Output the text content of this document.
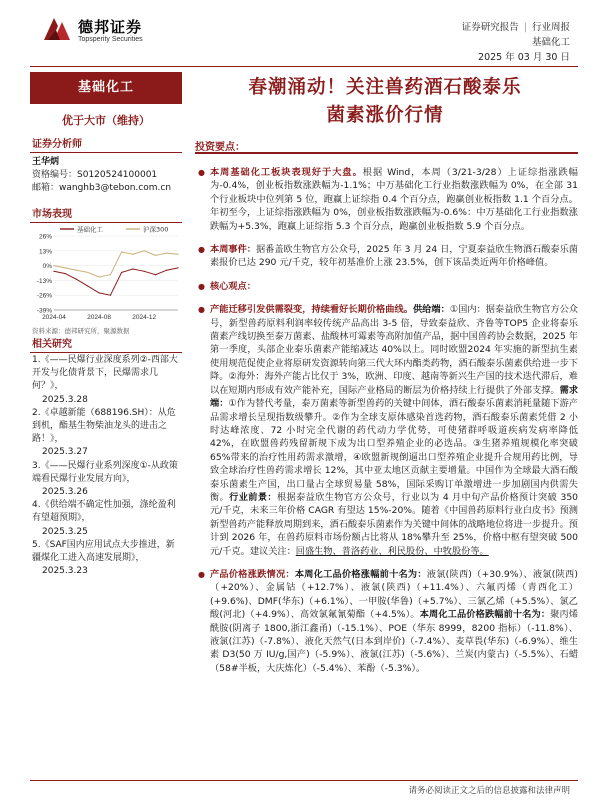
德邦证券
Topsperity Securities
证券研究报告 | 行业周报
基础化工
2025 年 03 月 30 日
基础化工
优于大市（维持）
证券分析师
王华炳
资格编号：S0120524100001
邮箱：wanghb3@tebon.com.cn
市场表现
26%
13%
0%
-13%
-26%
-39%
2024-04	2024-08	2024-12
基础化工	沪深300
资料来源：德邦研究所，聚源数据
相关研究
1.《——民爆行业深度系列②-西部大开发与化债背景下，民爆需求几何？》，
2025.3.28
2.《卓越新能（688196.SH）：从危到机，酯基生物柴油龙头的进击之路！》，
2025.3.27
3.《——民爆行业系列深度①-从政策端看民爆行业发展方向》，
2025.3.26
4.《供给端不确定性加强，涤纶盈利有望超预期》，
2025.3.25
5.《SAF国内应用试点大步推进，新疆煤化工进入高速发展期》，
2025.3.23
春潮涌动！关注兽药酒石酸泰乐
菌素涨价行情
投资要点：
● 本周基础化工板块表现好于大盘。根据 Wind，本周（3/21-3/28）上证综指涨跌幅为-0.4%，创业板指数涨跌幅为-1.1%；中万基础化工行业指数涨跌幅为 0%，在全部 31 个行业板块中位列第 5 位，跑赢上证综指 0.4 个百分点，跑赢创业板指数 1.1 个百分点。年初至今，上证综指涨跌幅为 0%，创业板指数涨跌幅为-0.6%：中万基础化工行业指数涨跌幅为+5.3%，跑赢上证综指 5.3 个百分点，跑赢创业板指数 5.9 个百分点。
● 本周事件：据番盖欧生物官方公众号，2025 年 3 月 24 日，宁夏泰益欣生物酒石酸泰乐菌素报价已达 290 元/千克，较年初基准价上涨 23.5%，创下该品类近两年价格峰值。
● 核心观点：
● 产能迁移引发供需裂变，持续看好长期价格曲线。供给端：①国内：据泰益欣生物官方公众号，新型兽药原料利润率较传统产品高出 3-5 倍，导致泰益欣、齐鲁等TOP5 企业将泰乐菌素产线切换至泰万菌素、盐酸林可霉素等高附加值产品，据中国兽药协会数据，2025 年第一季度，头部企业泰乐菌素产能缩减达 40%以上。同时欧盟2024 年实施的新型抗生素使用规范促使企业将原研发资源转向第三代大环内酯类药物，酒石酸泰乐菌素供给进一步下降。②海外：海外产能占比仅于 3%，欧洲、印度、越南等新兴生产国的技术迭代滞后，难以在短期内形成有效产能补充，国际产业格局的断层为价格持续上行提供了外部支撑。需求端：①作为替代考量，泰万菌素等新型兽药的关键中间体，酒石酸泰乐菌素消耗量随下游产品需求增长呈现指数级攀升。②作为全球支原体感染首选药物，酒石酸泰乐菌素凭借 2 小时达峰浓度、72 小时完全代谢的药代动力学优势，可使猪群呼吸道疾病发病率降低 42%，在欧盟兽药残留新规下成为出口型养殖企业的必选品。③生猪养殖规模化率突破65%带来的治疗性用药需求激增，④欧盟新规倒逼出口型养殖企业提升合规用药比例，导致全球治疗性兽药需求增长 12%，其中亚太地区贡献主要增量。中国作为全球最大酒石酸泰乐菌素生产国，出口量占全球贸易量 58%，国际采购订单激增进一步加剧国内供需失衡。行业前景：根据泰益欣生物官方公众号，行业以为 4 月中旬产品价格预计突破 350 元/千克，未来三年价格 CAGR 有望达 15%-20%。随着《中国兽药原料行业白皮书》预测新型兽药产能释放周期到来，酒石酸泰乐菌素作为关键中间体的战略地位将进一步提升。预计到 2026 年，在兽药原料市场份额占比将从 18%攀升至 25%，价格中枢有望突破 500 元/千克。建议关注：回盛生物、普洛药业、利民股份、中牧股份等。
● 产品价格涨跌情况：本周化工品价格涨幅前十名为：液氯(陕西)（+30.9%）、液氯(陕西)（+20%）、金属钴（+12.7%）、液氯(陕西)（+11.4%）、六氟丙烯（青西化工）(+9.6%)、DMF(华东)（+6.1%）、一甲胺(华鲁)（+5.7%）、三氯乙烯（+5.5%）、氯乙酸(河北)（+4.9%）、高效氯氟氰菊酯（+4.5%）。本周化工品价格跌幅前十名为：聚丙烯酰胺(阴离子 1800,浙江鑫甬)（-15.1%）、POE（华东 8999，8200 指标）（-11.8%）、液氯(江苏)（-7.8%）、液化天然气(日本到岸价)（-7.4%）、麦草畏(华东)（-6.9%）、维生素 D3(50 万 IU/g,国产)（-5.9%）、液氯(江苏)（-5.6%）、兰炭(内蒙古)（-5.5%）、石蜡（58#半板，大庆炼化）（-5.4%）、苯酚（-5.3%）。
请务必阅读正文之后的信息披露和法律声明
